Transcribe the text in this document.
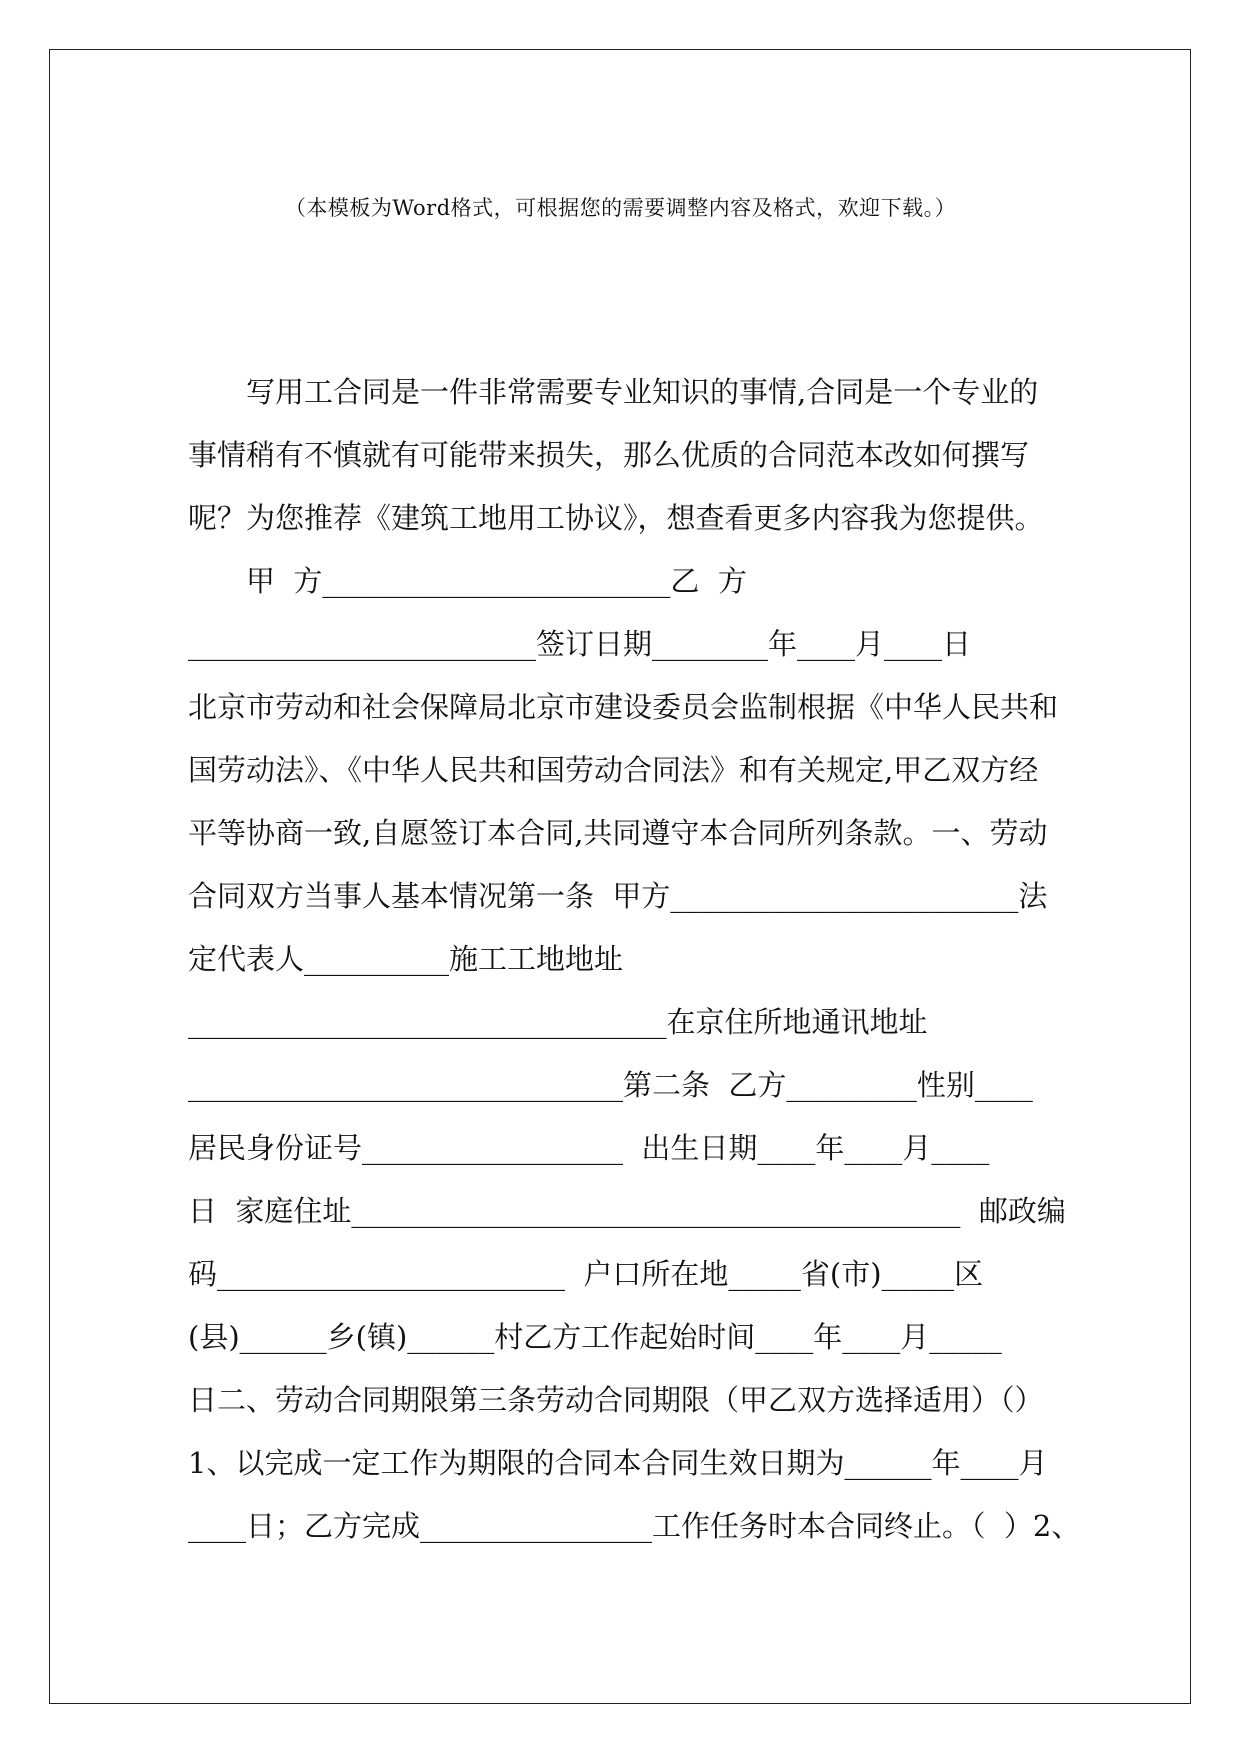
（本模板为Word格式，可根据您的需要调整内容及格式，欢迎下载。）
　　写用工合同是一件非常需要专业知识的事情,合同是一个专业的
事情稍有不慎就有可能带来损失，那么优质的合同范本改如何撰写
呢？为您推荐《建筑工地用工协议》，想查看更多内容我为您提供。
　　甲  方________________________乙  方
________________________签订日期________年____月____日
北京市劳动和社会保障局北京市建设委员会监制根据《中华人民共和
国劳动法》、《中华人民共和国劳动合同法》和有关规定,甲乙双方经
平等协商一致,自愿签订本合同,共同遵守本合同所列条款。一、劳动
合同双方当事人基本情况第一条  甲方________________________法
定代表人__________施工工地地址
_________________________________在京住所地通讯地址
______________________________第二条  乙方_________性别____
居民身份证号__________________  出生日期____年____月____
日  家庭住址__________________________________________  邮政编
码________________________  户口所在地_____省(市)_____区
(县)______乡(镇)______村乙方工作起始时间____年____月_____
日二、劳动合同期限第三条劳动合同期限（甲乙双方选择适用）（）
1、以完成一定工作为期限的合同本合同生效日期为______年____月
____日；乙方完成________________工作任务时本合同终止。（  ）2、
